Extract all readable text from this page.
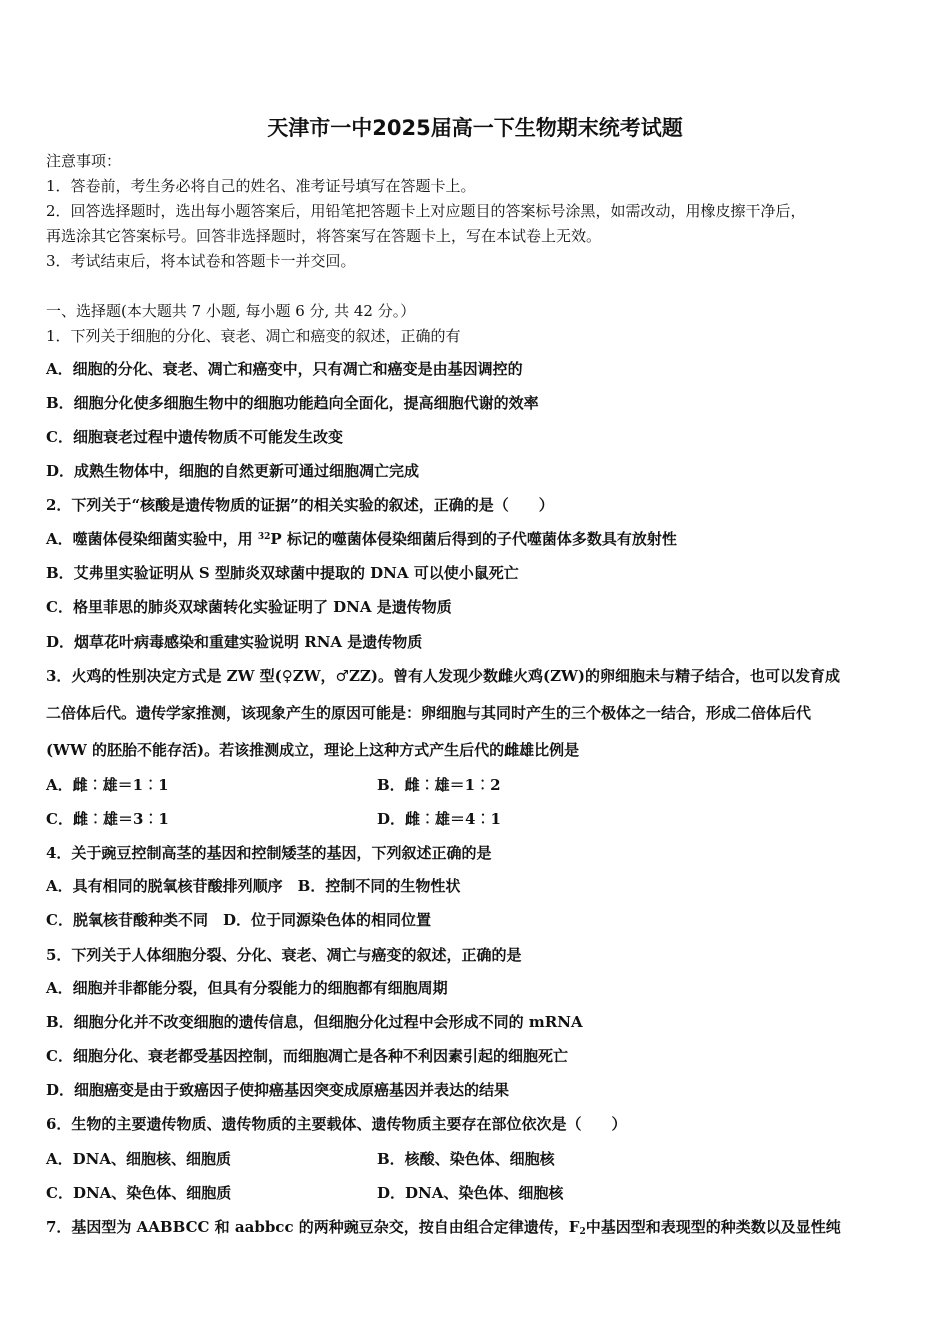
天津市一中2025届高一下生物期末统考试题
注意事项：
1．答卷前，考生务必将自己的姓名、准考证号填写在答题卡上。
2．回答选择题时，选出每小题答案后，用铅笔把答题卡上对应题目的答案标号涂黑，如需改动，用橡皮擦干净后，
再选涂其它答案标号。回答非选择题时，将答案写在答题卡上，写在本试卷上无效。
3．考试结束后，将本试卷和答题卡一并交回。
一、选择题(本大题共 7 小题, 每小题 6 分, 共 42 分。）
1．下列关于细胞的分化、衰老、凋亡和癌变的叙述，正确的有
A．细胞的分化、衰老、凋亡和癌变中，只有凋亡和癌变是由基因调控的
B．细胞分化使多细胞生物中的细胞功能趋向全面化，提高细胞代谢的效率
C．细胞衰老过程中遗传物质不可能发生改变
D．成熟生物体中，细胞的自然更新可通过细胞凋亡完成
2．下列关于“核酸是遗传物质的证据”的相关实验的叙述，正确的是（　　）
A．噬菌体侵染细菌实验中，用 $^{32}$P 标记的噬菌体侵染细菌后得到的子代噬菌体多数具有放射性
B．艾弗里实验证明从 S 型肺炎双球菌中提取的 DNA 可以使小鼠死亡
C．格里菲思的肺炎双球菌转化实验证明了 DNA 是遗传物质
D．烟草花叶病毒感染和重建实验说明 RNA 是遗传物质
3．火鸡的性别决定方式是 ZW 型(♀ZW，♂ZZ)。曾有人发现少数雌火鸡(ZW)的卵细胞未与精子结合，也可以发育成
二倍体后代。遗传学家推测，该现象产生的原因可能是：卵细胞与其同时产生的三个极体之一结合，形成二倍体后代
(WW 的胚胎不能存活)。若该推测成立，理论上这种方式产生后代的雌雄比例是
A．雌︰雄＝1︰1	B．雌︰雄＝1︰2
C．雌︰雄＝3︰1	D．雌︰雄＝4︰1
4．关于豌豆控制高茎的基因和控制矮茎的基因，下列叙述正确的是
A．具有相同的脱氧核苷酸排列顺序　B．控制不同的生物性状
C．脱氧核苷酸种类不同　D．位于同源染色体的相同位置
5．下列关于人体细胞分裂、分化、衰老、凋亡与癌变的叙述，正确的是
A．细胞并非都能分裂，但具有分裂能力的细胞都有细胞周期
B．细胞分化并不改变细胞的遗传信息，但细胞分化过程中会形成不同的 mRNA
C．细胞分化、衰老都受基因控制，而细胞凋亡是各种不利因素引起的细胞死亡
D．细胞癌变是由于致癌因子使抑癌基因突变成原癌基因并表达的结果
6．生物的主要遗传物质、遗传物质的主要载体、遗传物质主要存在部位依次是（　　）
A．DNA、细胞核、细胞质	B．核酸、染色体、细胞核
C．DNA、染色体、细胞质	D．DNA、染色体、细胞核
7．基因型为 AABBCC 和 aabbcc 的两种豌豆杂交，按自由组合定律遗传，$F_2$中基因型和表现型的种类数以及显性纯
